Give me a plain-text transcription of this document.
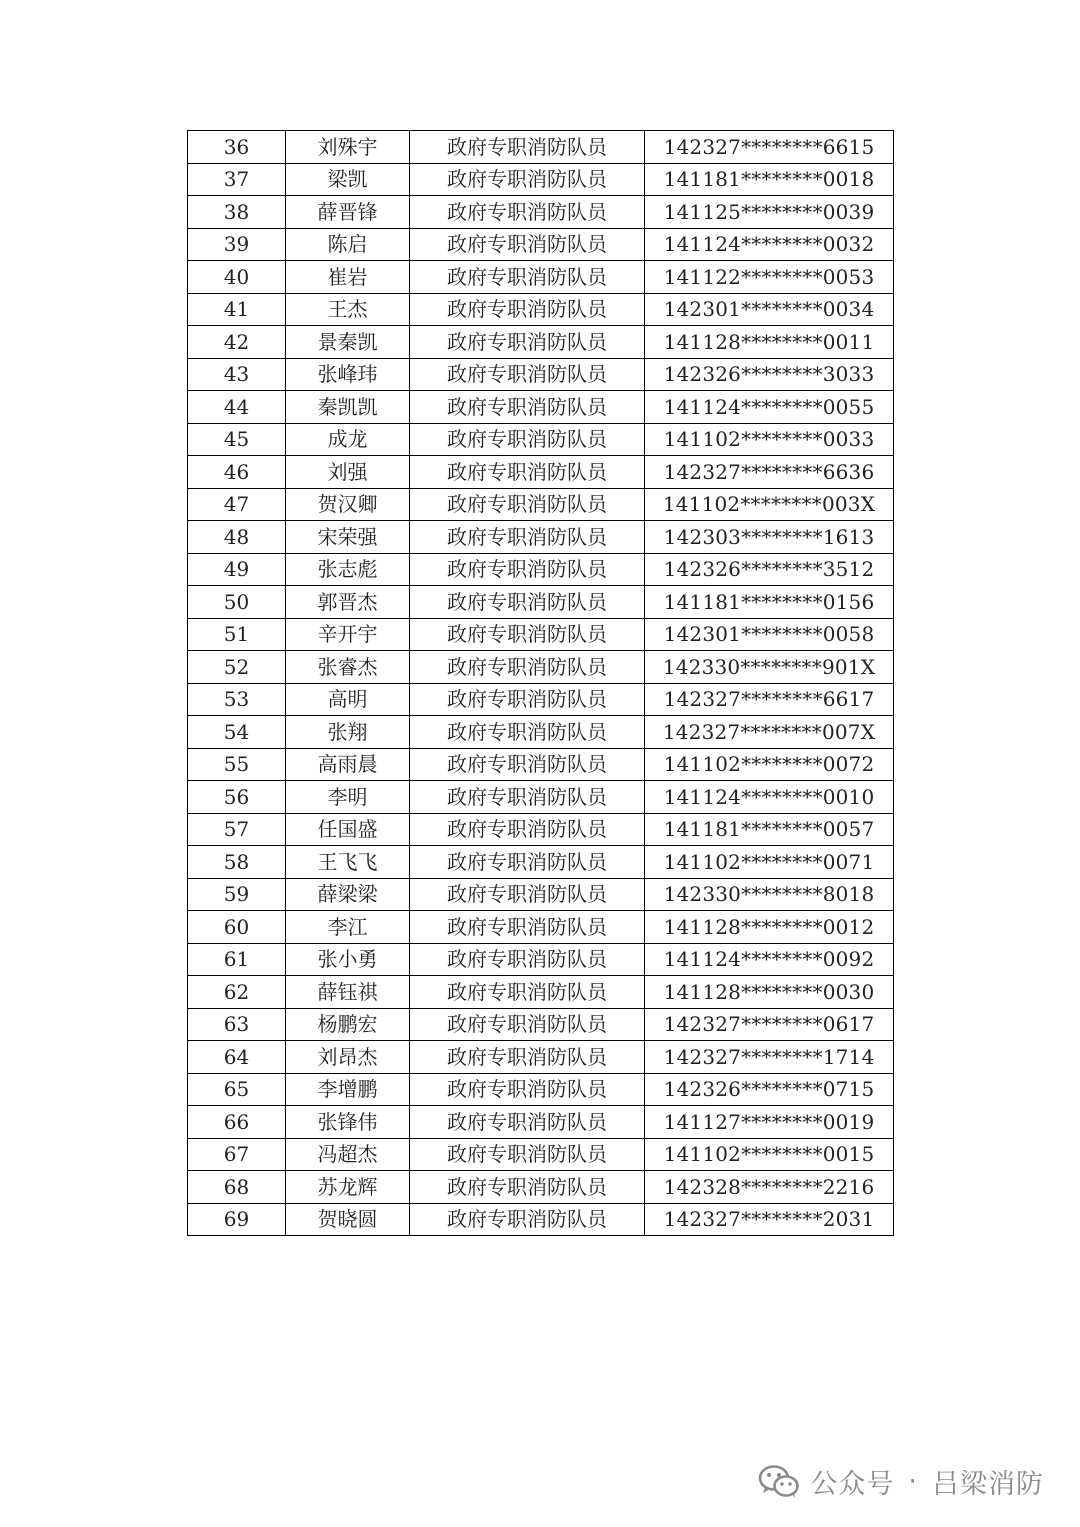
36	刘殊宇	政府专职消防队员	142327********6615
37	梁凯	政府专职消防队员	141181********0018
38	薛晋锋	政府专职消防队员	141125********0039
39	陈启	政府专职消防队员	141124********0032
40	崔岩	政府专职消防队员	141122********0053
41	王杰	政府专职消防队员	142301********0034
42	景秦凯	政府专职消防队员	141128********0011
43	张峰玮	政府专职消防队员	142326********3033
44	秦凯凯	政府专职消防队员	141124********0055
45	成龙	政府专职消防队员	141102********0033
46	刘强	政府专职消防队员	142327********6636
47	贺汉卿	政府专职消防队员	141102********003X
48	宋荣强	政府专职消防队员	142303********1613
49	张志彪	政府专职消防队员	142326********3512
50	郭晋杰	政府专职消防队员	141181********0156
51	辛开宇	政府专职消防队员	142301********0058
52	张睿杰	政府专职消防队员	142330********901X
53	高明	政府专职消防队员	142327********6617
54	张翔	政府专职消防队员	142327********007X
55	高雨晨	政府专职消防队员	141102********0072
56	李明	政府专职消防队员	141124********0010
57	任国盛	政府专职消防队员	141181********0057
58	王飞飞	政府专职消防队员	141102********0071
59	薛梁梁	政府专职消防队员	142330********8018
60	李江	政府专职消防队员	141128********0012
61	张小勇	政府专职消防队员	141124********0092
62	薛钰祺	政府专职消防队员	141128********0030
63	杨鹏宏	政府专职消防队员	142327********0617
64	刘昂杰	政府专职消防队员	142327********1714
65	李增鹏	政府专职消防队员	142326********0715
66	张锋伟	政府专职消防队员	141127********0019
67	冯超杰	政府专职消防队员	141102********0015
68	苏龙辉	政府专职消防队员	142328********2216
69	贺晓圆	政府专职消防队员	142327********2031
公众号 · 吕梁消防
